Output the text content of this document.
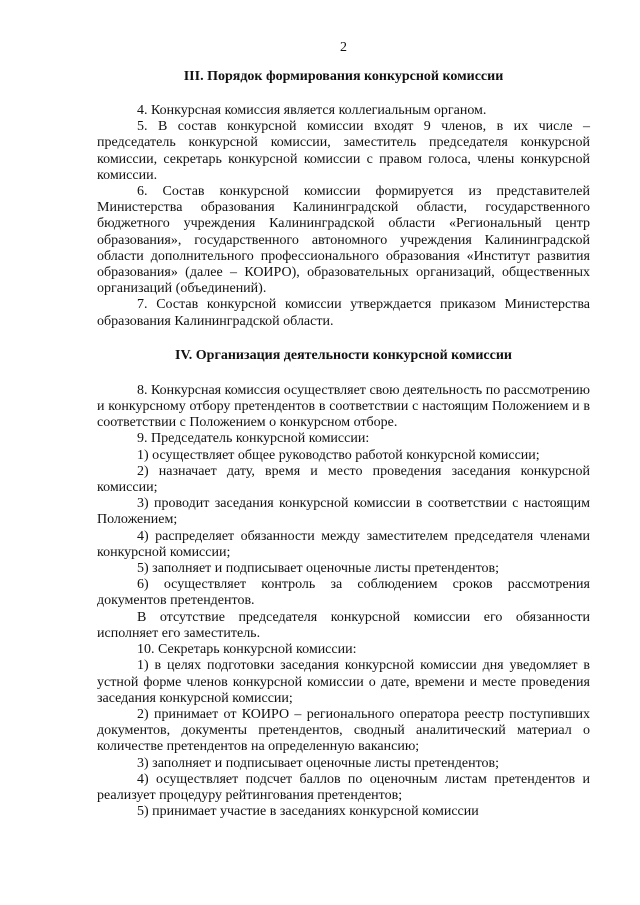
2
III. Порядок формирования конкурсной комиссии

4. Конкурсная комиссия является коллегиальным органом.

5. В состав конкурсной комиссии входят 9 членов, в их числе – председатель конкурсной комиссии, заместитель председателя конкурсной комиссии, секретарь конкурсной комиссии с правом голоса, члены конкурсной комиссии.

6. Состав конкурсной комиссии формируется из представителей Министерства образования Калининградской области, государственного бюджетного учреждения Калининградской области «Региональный центр образования», государственного автономного учреждения Калининградской области дополнительного профессионального образования «Институт развития образования» (далее – КОИРО), образовательных организаций, общественных организаций (объединений).

7. Состав конкурсной комиссии утверждается приказом Министерства образования Калининградской области.

IV. Организация деятельности конкурсной комиссии

8. Конкурсная комиссия осуществляет свою деятельность по рассмотрению и конкурсному отбору претендентов в соответствии с настоящим Положением и в соответствии с Положением о конкурсном отборе.

9. Председатель конкурсной комиссии:

1) осуществляет общее руководство работой конкурсной комиссии;

2) назначает дату, время и место проведения заседания конкурсной комиссии;

3) проводит заседания конкурсной комиссии в соответствии с настоящим Положением;

4) распределяет обязанности между заместителем председателя членами конкурсной комиссии;

5) заполняет и подписывает оценочные листы претендентов;

6) осуществляет контроль за соблюдением сроков рассмотрения документов претендентов.

В отсутствие председателя конкурсной комиссии его обязанности исполняет его заместитель.

10. Секретарь конкурсной комиссии:

1) в целях подготовки заседания конкурсной комиссии дня уведомляет в устной форме членов конкурсной комиссии о дате, времени и месте проведения заседания конкурсной комиссии;

2) принимает от КОИРО – регионального оператора реестр поступивших документов, документы претендентов, сводный аналитический материал о количестве претендентов на определенную вакансию;

3) заполняет и подписывает оценочные листы претендентов;

4) осуществляет подсчет баллов по оценочным листам претендентов и реализует процедуру рейтингования претендентов;

5) принимает участие в заседаниях конкурсной комиссии
